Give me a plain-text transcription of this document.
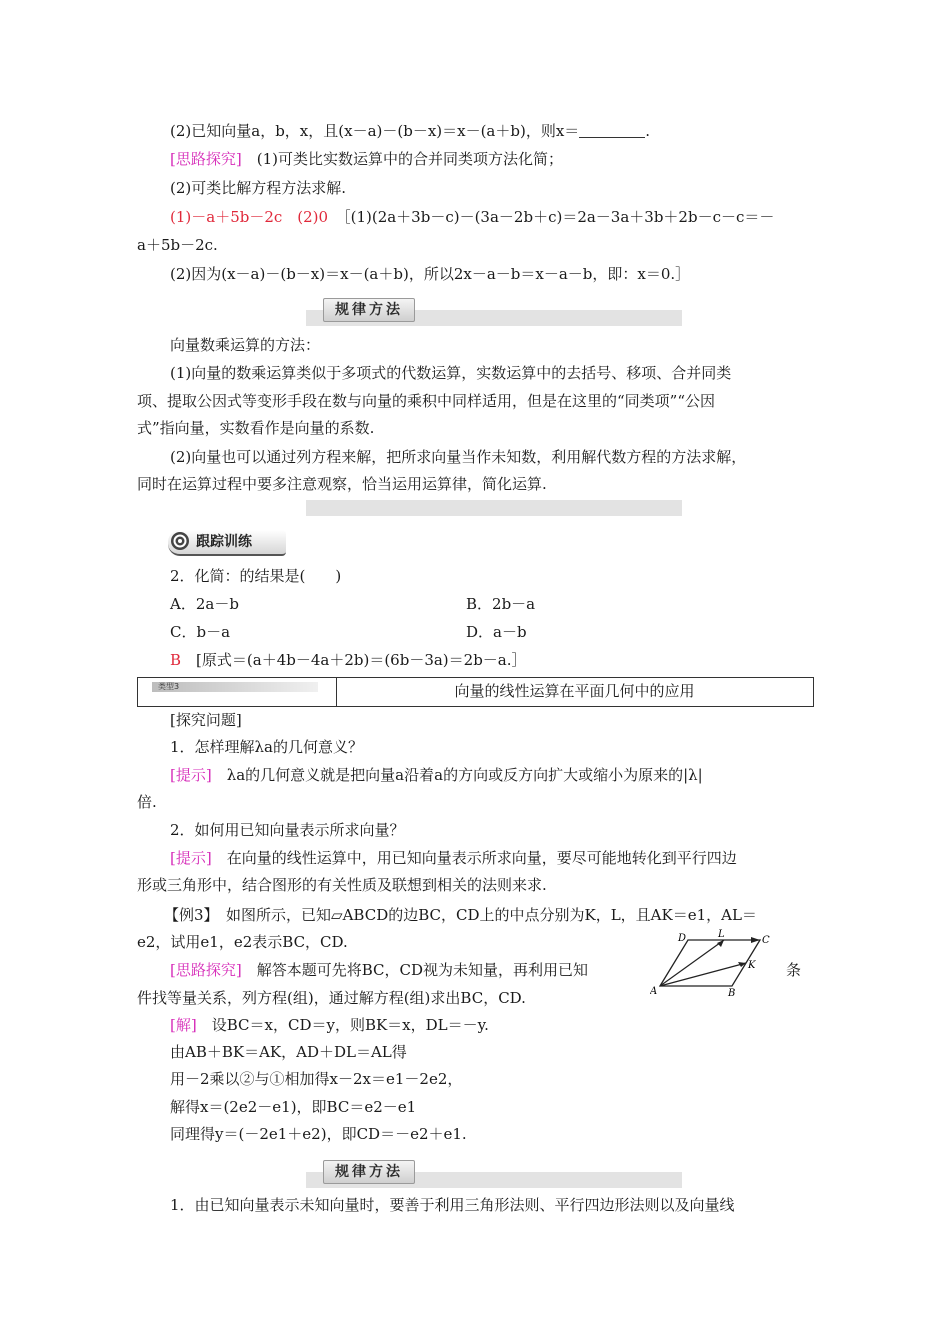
(2)已知向量a，b，x，且(x－a)－(b－x)＝x－(a＋b)，则x＝	.
[思路探究]　 (1)可类比实数运算中的合并同类项方法化简；
(2)可类比解方程方法求解.
(1)－a＋5b－2c　(2)0　 ［(1)(2a＋3b－c)－(3a－2b＋c)＝2a－3a＋3b＋2b－c－c＝－
a＋5b－2c.
(2)因为(x－a)－(b－x)＝x－(a＋b)，所以2x－a－b＝x－a－b，即：x＝0.］
规律方法
向量数乘运算的方法：
(1)向量的数乘运算类似于多项式的代数运算，实数运算中的去括号、移项、合并同类
项、提取公因式等变形手段在数与向量的乘积中同样适用，但是在这里的“同类项”“公因
式”指向量，实数看作是向量的系数.
(2)向量也可以通过列方程来解，把所求向量当作未知数，利用解代数方程的方法求解，
同时在运算过程中要多注意观察，恰当运用运算律，简化运算.
跟踪训练
2．化简：的结果是(　　)
A．2a－b	B．2b－a
C．b－a	D．a－b
B　 [原式＝(a＋4b－4a＋2b)＝(6b－3a)＝2b－a.］
类型3	向量的线性运算在平面几何中的应用
[探究问题]
1．怎样理解λa的几何意义？
[提示]　 λa的几何意义就是把向量a沿着a的方向或反方向扩大或缩小为原来的|λ|
倍.
2．如何用已知向量表示所求向量？
[提示]　 在向量的线性运算中，用已知向量表示所求向量，要尽可能地转化到平行四边
形或三角形中，结合图形的有关性质及联想到相关的法则来求.
【例3】　如图所示，已知▱ABCD的边BC，CD上的中点分别为K，L，且AK＝e1，AL＝
e2，试用e1，e2表示BC，CD.
[思路探究]　 解答本题可先将BC，CD视为未知量，再利用已知	条
件找等量关系，列方程(组)，通过解方程(组)求出BC，CD.
D	L
C
K
A	B
[解]　 设BC＝x，CD＝y，则BK＝x，DL＝－y.
由AB＋BK＝AK，AD＋DL＝AL得
用－2乘以②与①相加得x－2x＝e1－2e2，
解得x＝(2e2－e1)，即BC＝e2－e1
同理得y＝(－2e1＋e2)，即CD＝－e2＋e1.
规律方法
1．由已知向量表示未知向量时，要善于利用三角形法则、平行四边形法则以及向量线
